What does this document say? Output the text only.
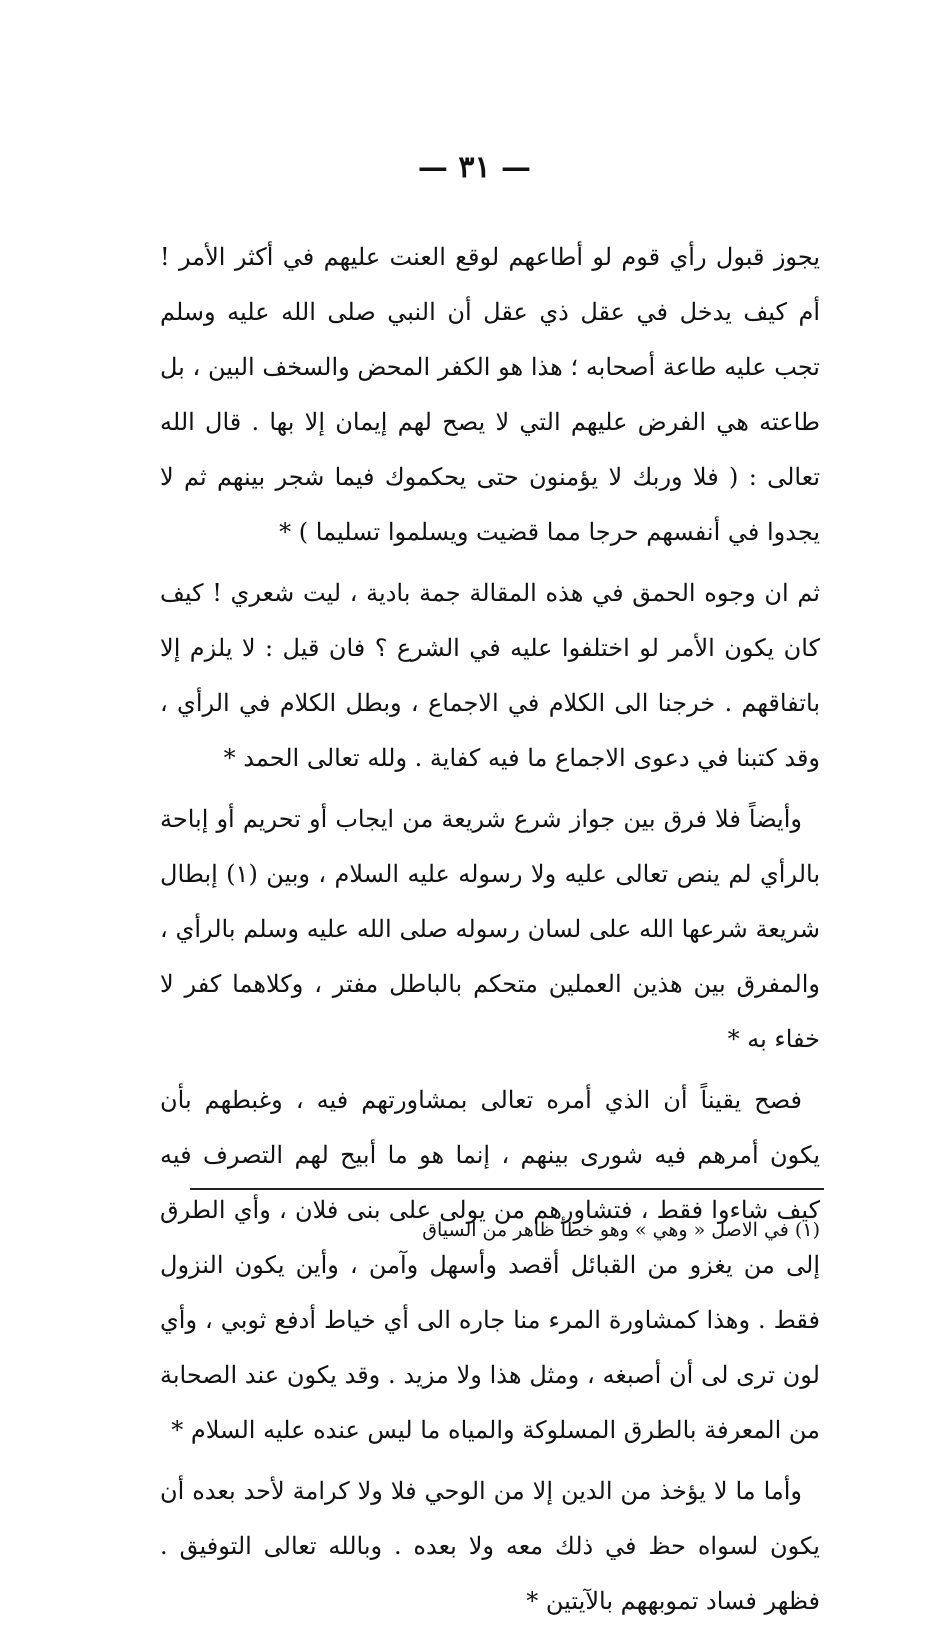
— ٣١ —

يجوز قبول رأي قوم لو أطاعهم لوقع العنت عليهم في أكثر الأمر ! أم كيف يدخل في عقل ذي عقل أن النبي صلى الله عليه وسلم تجب عليه طاعة أصحابه ؛ هذا هو الكفر المحض والسخف البين ، بل طاعته هي الفرض عليهم التي لا يصح لهم إيمان إلا بها . قال الله تعالى : ( فلا وربك لا يؤمنون حتى يحكموك فيما شجر بينهم ثم لا يجدوا في أنفسهم حرجا مما قضيت ويسلموا تسليما ) *

ثم ان وجوه الحمق في هذه المقالة جمة بادية ، ليت شعري ! كيف كان يكون الأمر لو اختلفوا عليه في الشرع ؟ فان قيل : لا يلزم إلا باتفاقهم . خرجنا الى الكلام في الاجماع ، وبطل الكلام في الرأي ، وقد كتبنا في دعوى الاجماع ما فيه كفاية . ولله تعالى الحمد *

وأيضاً فلا فرق بين جواز شرع شريعة من ايجاب أو تحريم أو إباحة بالرأي لم ينص تعالى عليه ولا رسوله عليه السلام ، وبين (١) إبطال شريعة شرعها الله على لسان رسوله صلى الله عليه وسلم بالرأي ، والمفرق بين هذين العملين متحكم بالباطل مفتر ، وكلاهما كفر لا خفاء به *

فصح يقيناً أن الذي أمره تعالى بمشاورتهم فيه ، وغبطهم بأن يكون أمرهم فيه شورى بينهم ، إنما هو ما أبيح لهم التصرف فيه كيف شاءوا فقط ، فتشاورهم من يولى على بنى فلان ، وأي الطرق إلى من يغزو من القبائل أقصد وأسهل وآمن ، وأين يكون النزول فقط . وهذا كمشاورة المرء منا جاره الى أي خياط أدفع ثوبي ، وأي لون ترى لى أن أصبغه ، ومثل هذا ولا مزيد . وقد يكون عند الصحابة من المعرفة بالطرق المسلوكة والمياه ما ليس عنده عليه السلام *

وأما ما لا يؤخذ من الدين إلا من الوحي فلا ولا كرامة لأحد بعده أن يكون لسواه حظ في ذلك معه ولا بعده . وبالله تعالى التوفيق . فظهر فساد تموبههم بالآيتين *

(١) في الاصل « وهي » وهو خطأ ظاهر من السياق
